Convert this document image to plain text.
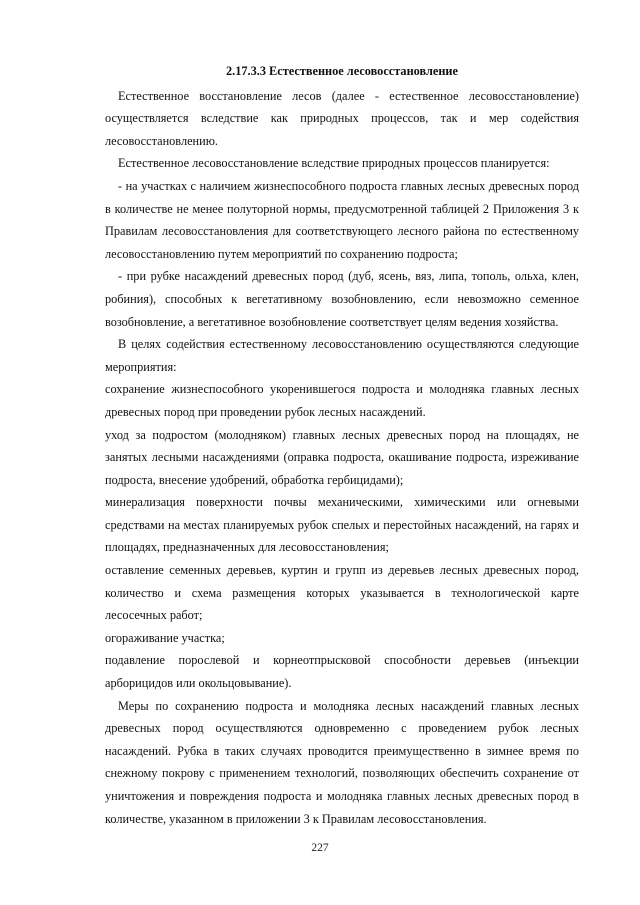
2.17.3.3 Естественное лесовосстановление

Естественное восстановление лесов (далее - естественное лесовосстановление) осуществляется вследствие как природных процессов, так и мер содействия лесовосстановлению.

Естественное лесовосстановление вследствие природных процессов планируется:

- на участках с наличием жизнеспособного подроста главных лесных древесных пород в количестве не менее полуторной нормы, предусмотренной таблицей 2 Приложения 3 к Правилам лесовосстановления для соответствующего лесного района по естественному лесовосстановлению путем мероприятий по сохранению подроста;

- при рубке насаждений древесных пород (дуб, ясень, вяз, липа, тополь, ольха, клен, робиния), способных к вегетативному возобновлению, если невозможно семенное возобновление, а вегетативное возобновление соответствует целям ведения хозяйства.

В целях содействия естественному лесовосстановлению осуществляются следующие мероприятия:

сохранение жизнеспособного укоренившегося подроста и молодняка главных лесных древесных пород при проведении рубок лесных насаждений.

уход за подростом (молодняком) главных лесных древесных пород на площадях, не занятых лесными насаждениями (оправка подроста, окашивание подроста, изреживание подроста, внесение удобрений, обработка гербицидами);

минерализация поверхности почвы механическими, химическими или огневыми средствами на местах планируемых рубок спелых и перестойных насаждений, на гарях и площадях, предназначенных для лесовосстановления;

оставление семенных деревьев, куртин и групп из деревьев лесных древесных пород, количество и схема размещения которых указывается в технологической карте лесосечных работ;

огораживание участка;

подавление порослевой и корнеотпрысковой способности деревьев (инъекции арборицидов или окольцовывание).

Меры по сохранению подроста и молодняка лесных насаждений главных лесных древесных пород осуществляются одновременно с проведением рубок лесных насаждений. Рубка в таких случаях проводится преимущественно в зимнее время по снежному покрову с применением технологий, позволяющих обеспечить сохранение от уничтожения и повреждения подроста и молодняка главных лесных древесных пород в количестве, указанном в приложении 3 к Правилам лесовосстановления.

227
